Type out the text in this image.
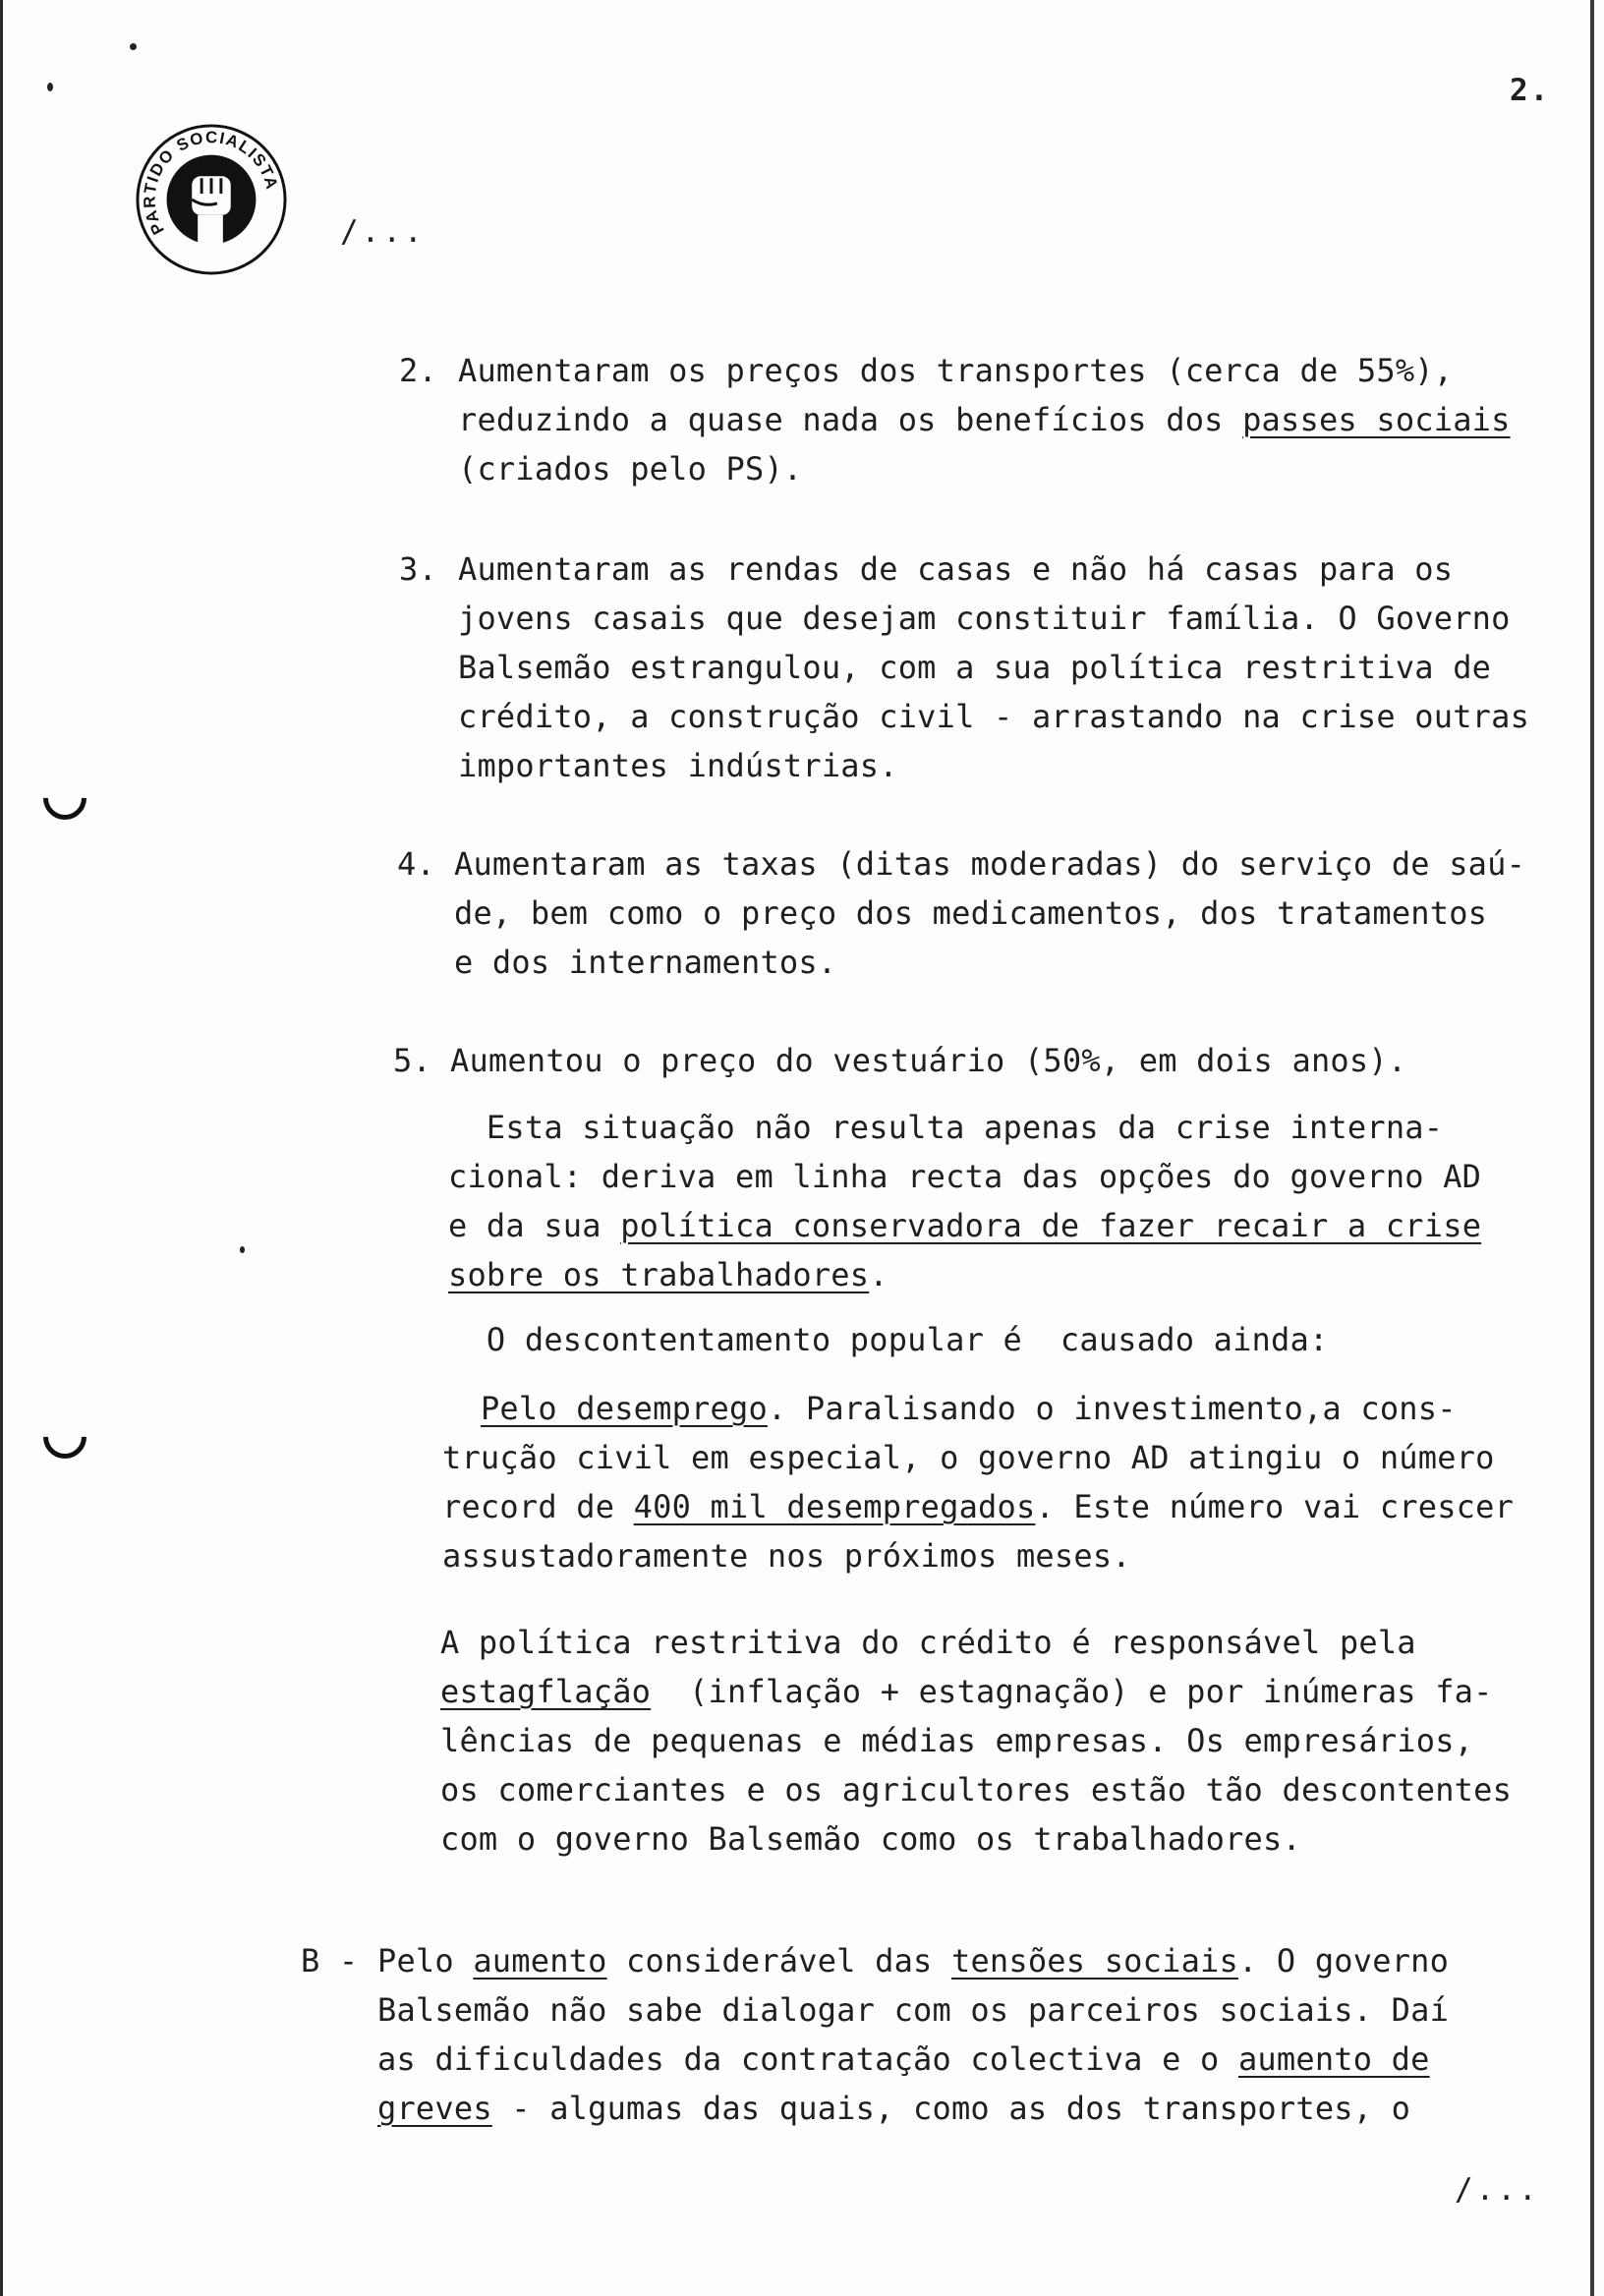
PARTIDO SOCIALISTA
/...
2.
2. Aumentaram os preços dos transportes (cerca de 55%),
reduzindo a quase nada os benefícios dos passes sociais
(criados pelo PS).
3. Aumentaram as rendas de casas e não há casas para os
jovens casais que desejam constituir família. O Governo
Balsemão estrangulou, com a sua política restritiva de
crédito, a construção civil - arrastando na crise outras
importantes indústrias.
4. Aumentaram as taxas (ditas moderadas) do serviço de saú-
de, bem como o preço dos medicamentos, dos tratamentos
e dos internamentos.
5. Aumentou o preço do vestuário (50%, em dois anos).
Esta situação não resulta apenas da crise interna-
cional: deriva em linha recta das opções do governo AD
e da sua política conservadora de fazer recair a crise
sobre os trabalhadores.
O descontentamento popular é  causado ainda:
Pelo desemprego. Paralisando o investimento,a cons-
trução civil em especial, o governo AD atingiu o número
record de 400 mil desempregados. Este número vai crescer
assustadoramente nos próximos meses.
A política restritiva do crédito é responsável pela
estagflação  (inflação + estagnação) e por inúmeras fa-
lências de pequenas e médias empresas. Os empresários,
os comerciantes e os agricultores estão tão descontentes
com o governo Balsemão como os trabalhadores.
B - Pelo aumento considerável das tensões sociais. O governo
Balsemão não sabe dialogar com os parceiros sociais. Daí
as dificuldades da contratação colectiva e o aumento de
greves - algumas das quais, como as dos transportes, o
/...
